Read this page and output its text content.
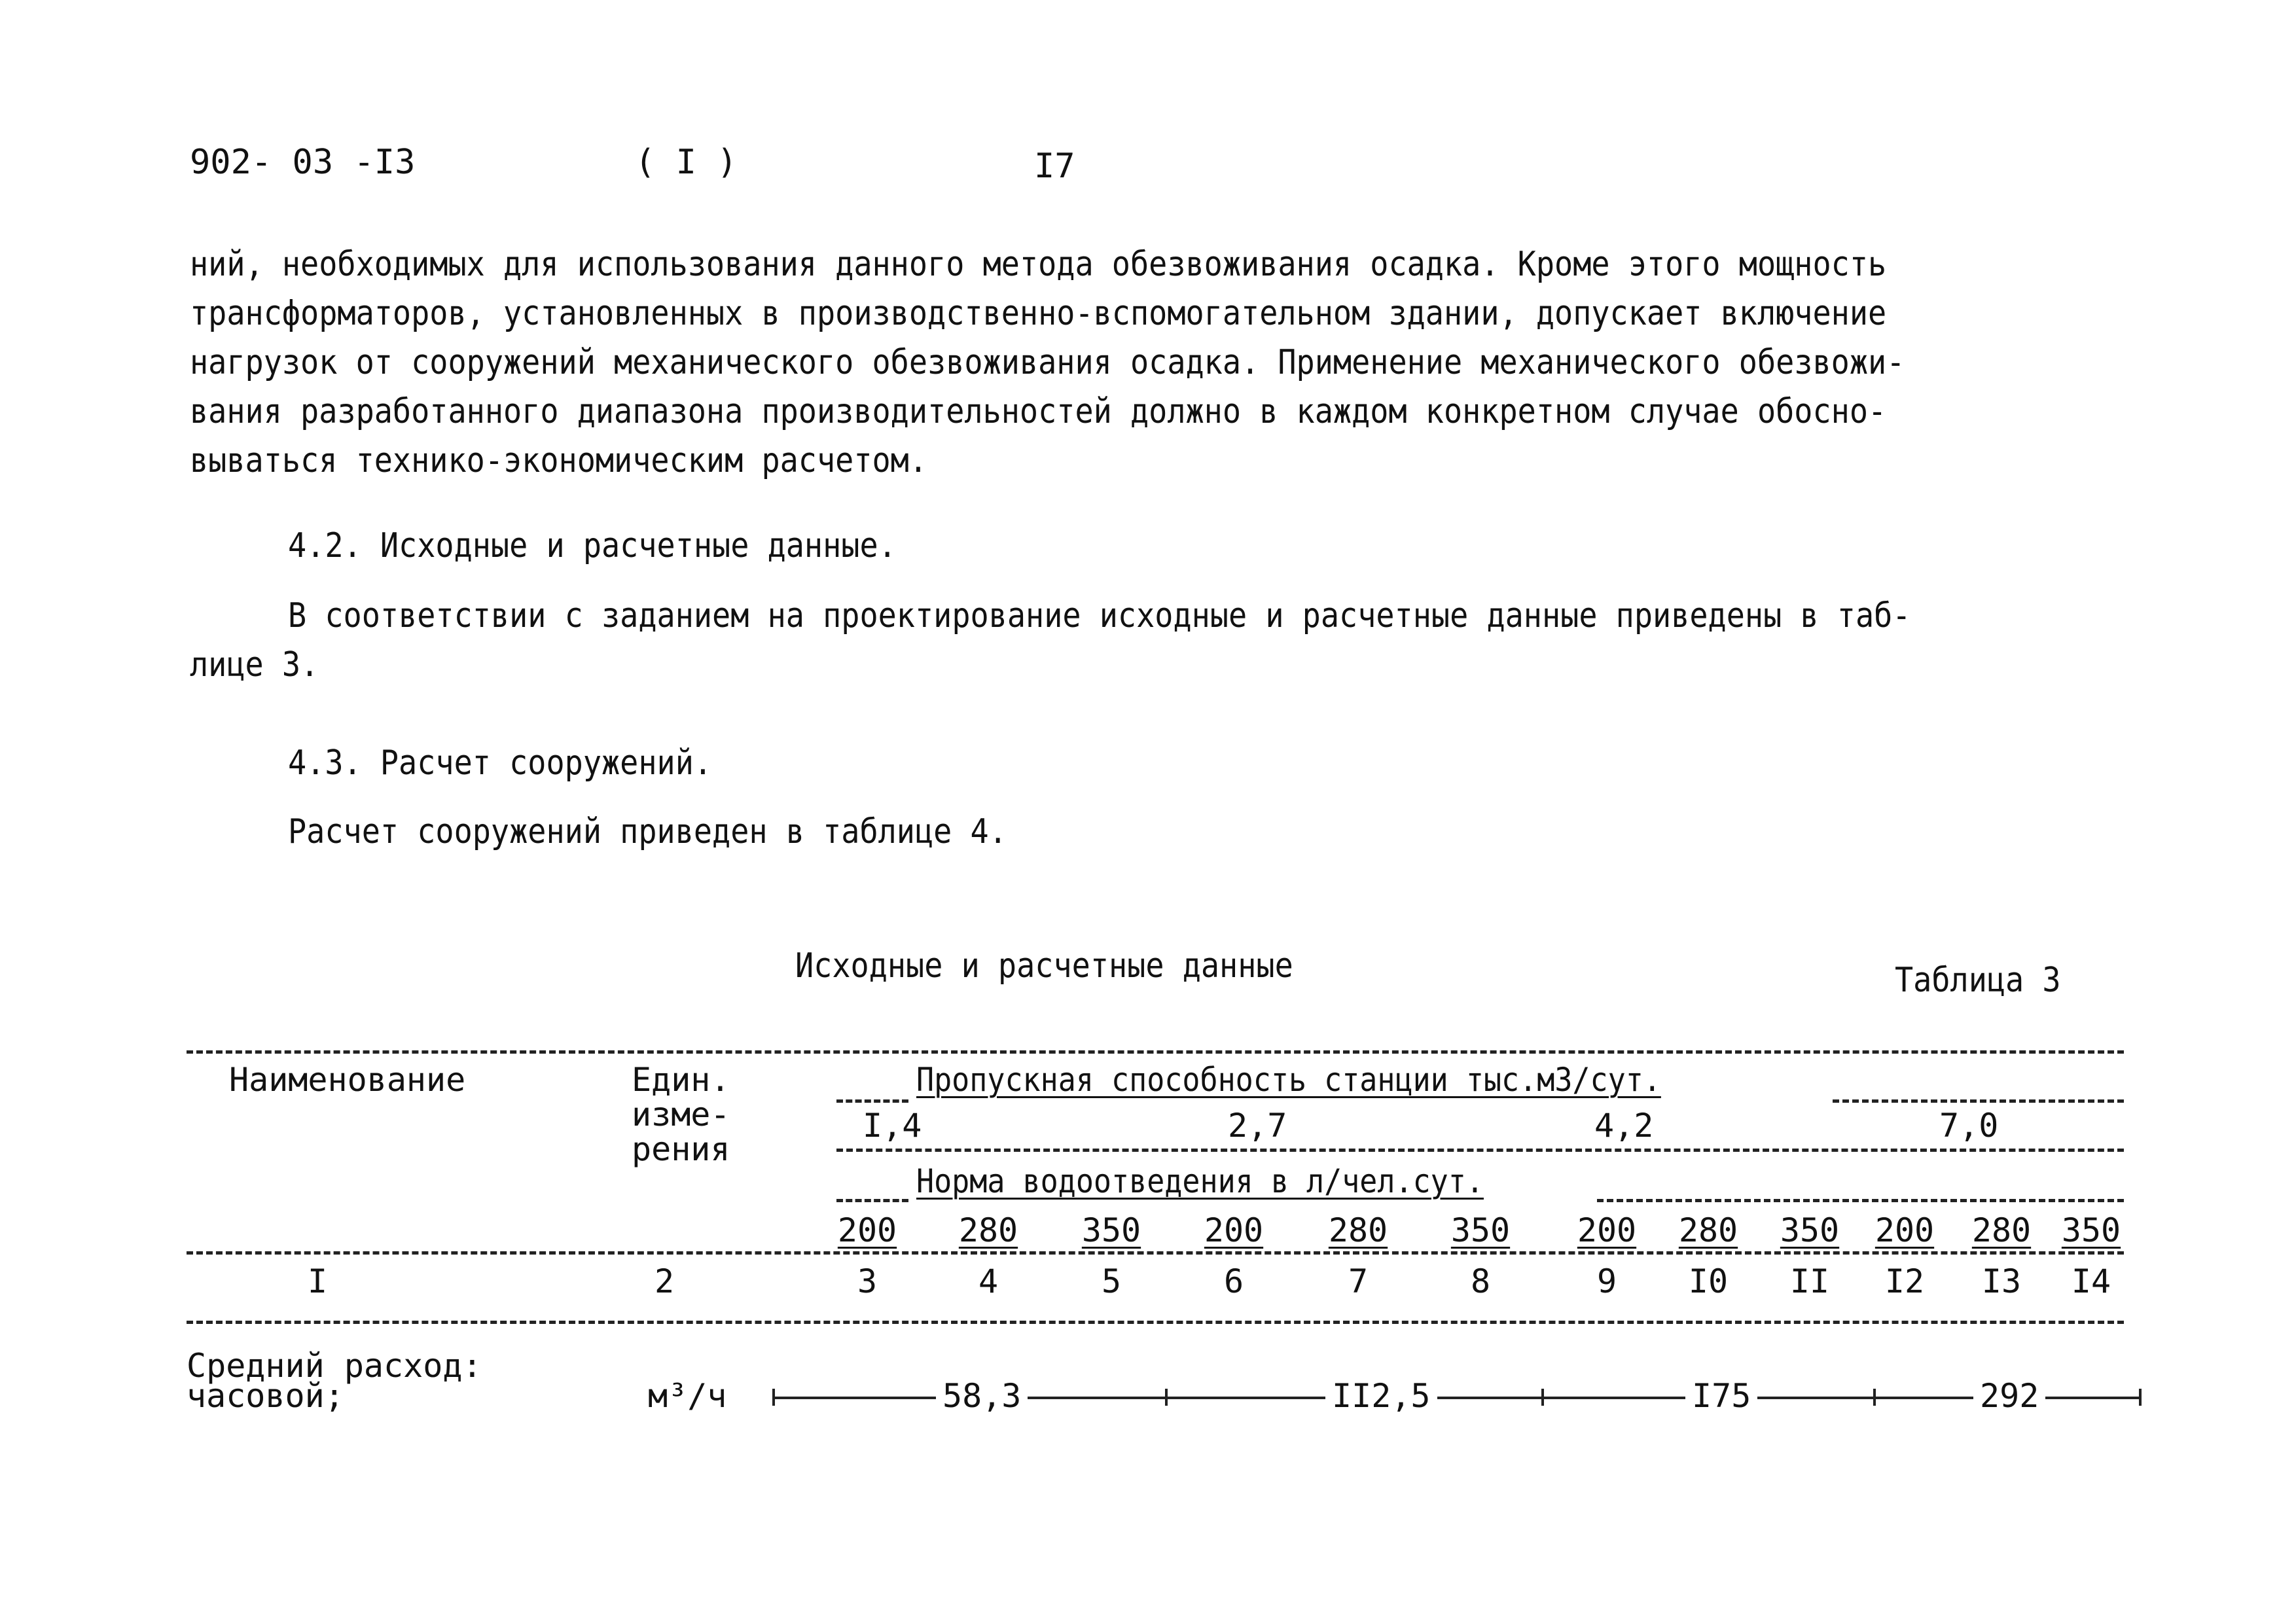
902- 03 -I3	( I )	I7
ний, необходимых для использования данного метода обезвоживания осадка. Кроме этого мощность
трансформаторов, установленных в производственно-вспомогательном здании, допускает включение
нагрузок от сооружений механического обезвоживания осадка. Применение механического обезвожи-
вания разработанного диапазона производительностей должно в каждом конкретном случае обосно-
вываться технико-экономическим расчетом.
4.2. Исходные и расчетные данные.
В соответствии с заданием на проектирование исходные и расчетные данные приведены в таб-
лице 3.
4.3. Расчет сооружений.
Расчет сооружений приведен в таблице 4.
Исходные и расчетные данные	Таблица 3
Наименование	Един.
изме-
рения
Пропускная способность станции тыс.м3/сут.
I,4	2,7	4,2	7,0
Норма водоотведения в л/чел.сут.
200	280	350	200	280	350	200	280	350	200	280 350
I	2	3	4	5	6	7	8	9	I0	II	I2	I3	I4
Средний расход:
часовой;	м³/ч	58,3	II2,5	I75	292
